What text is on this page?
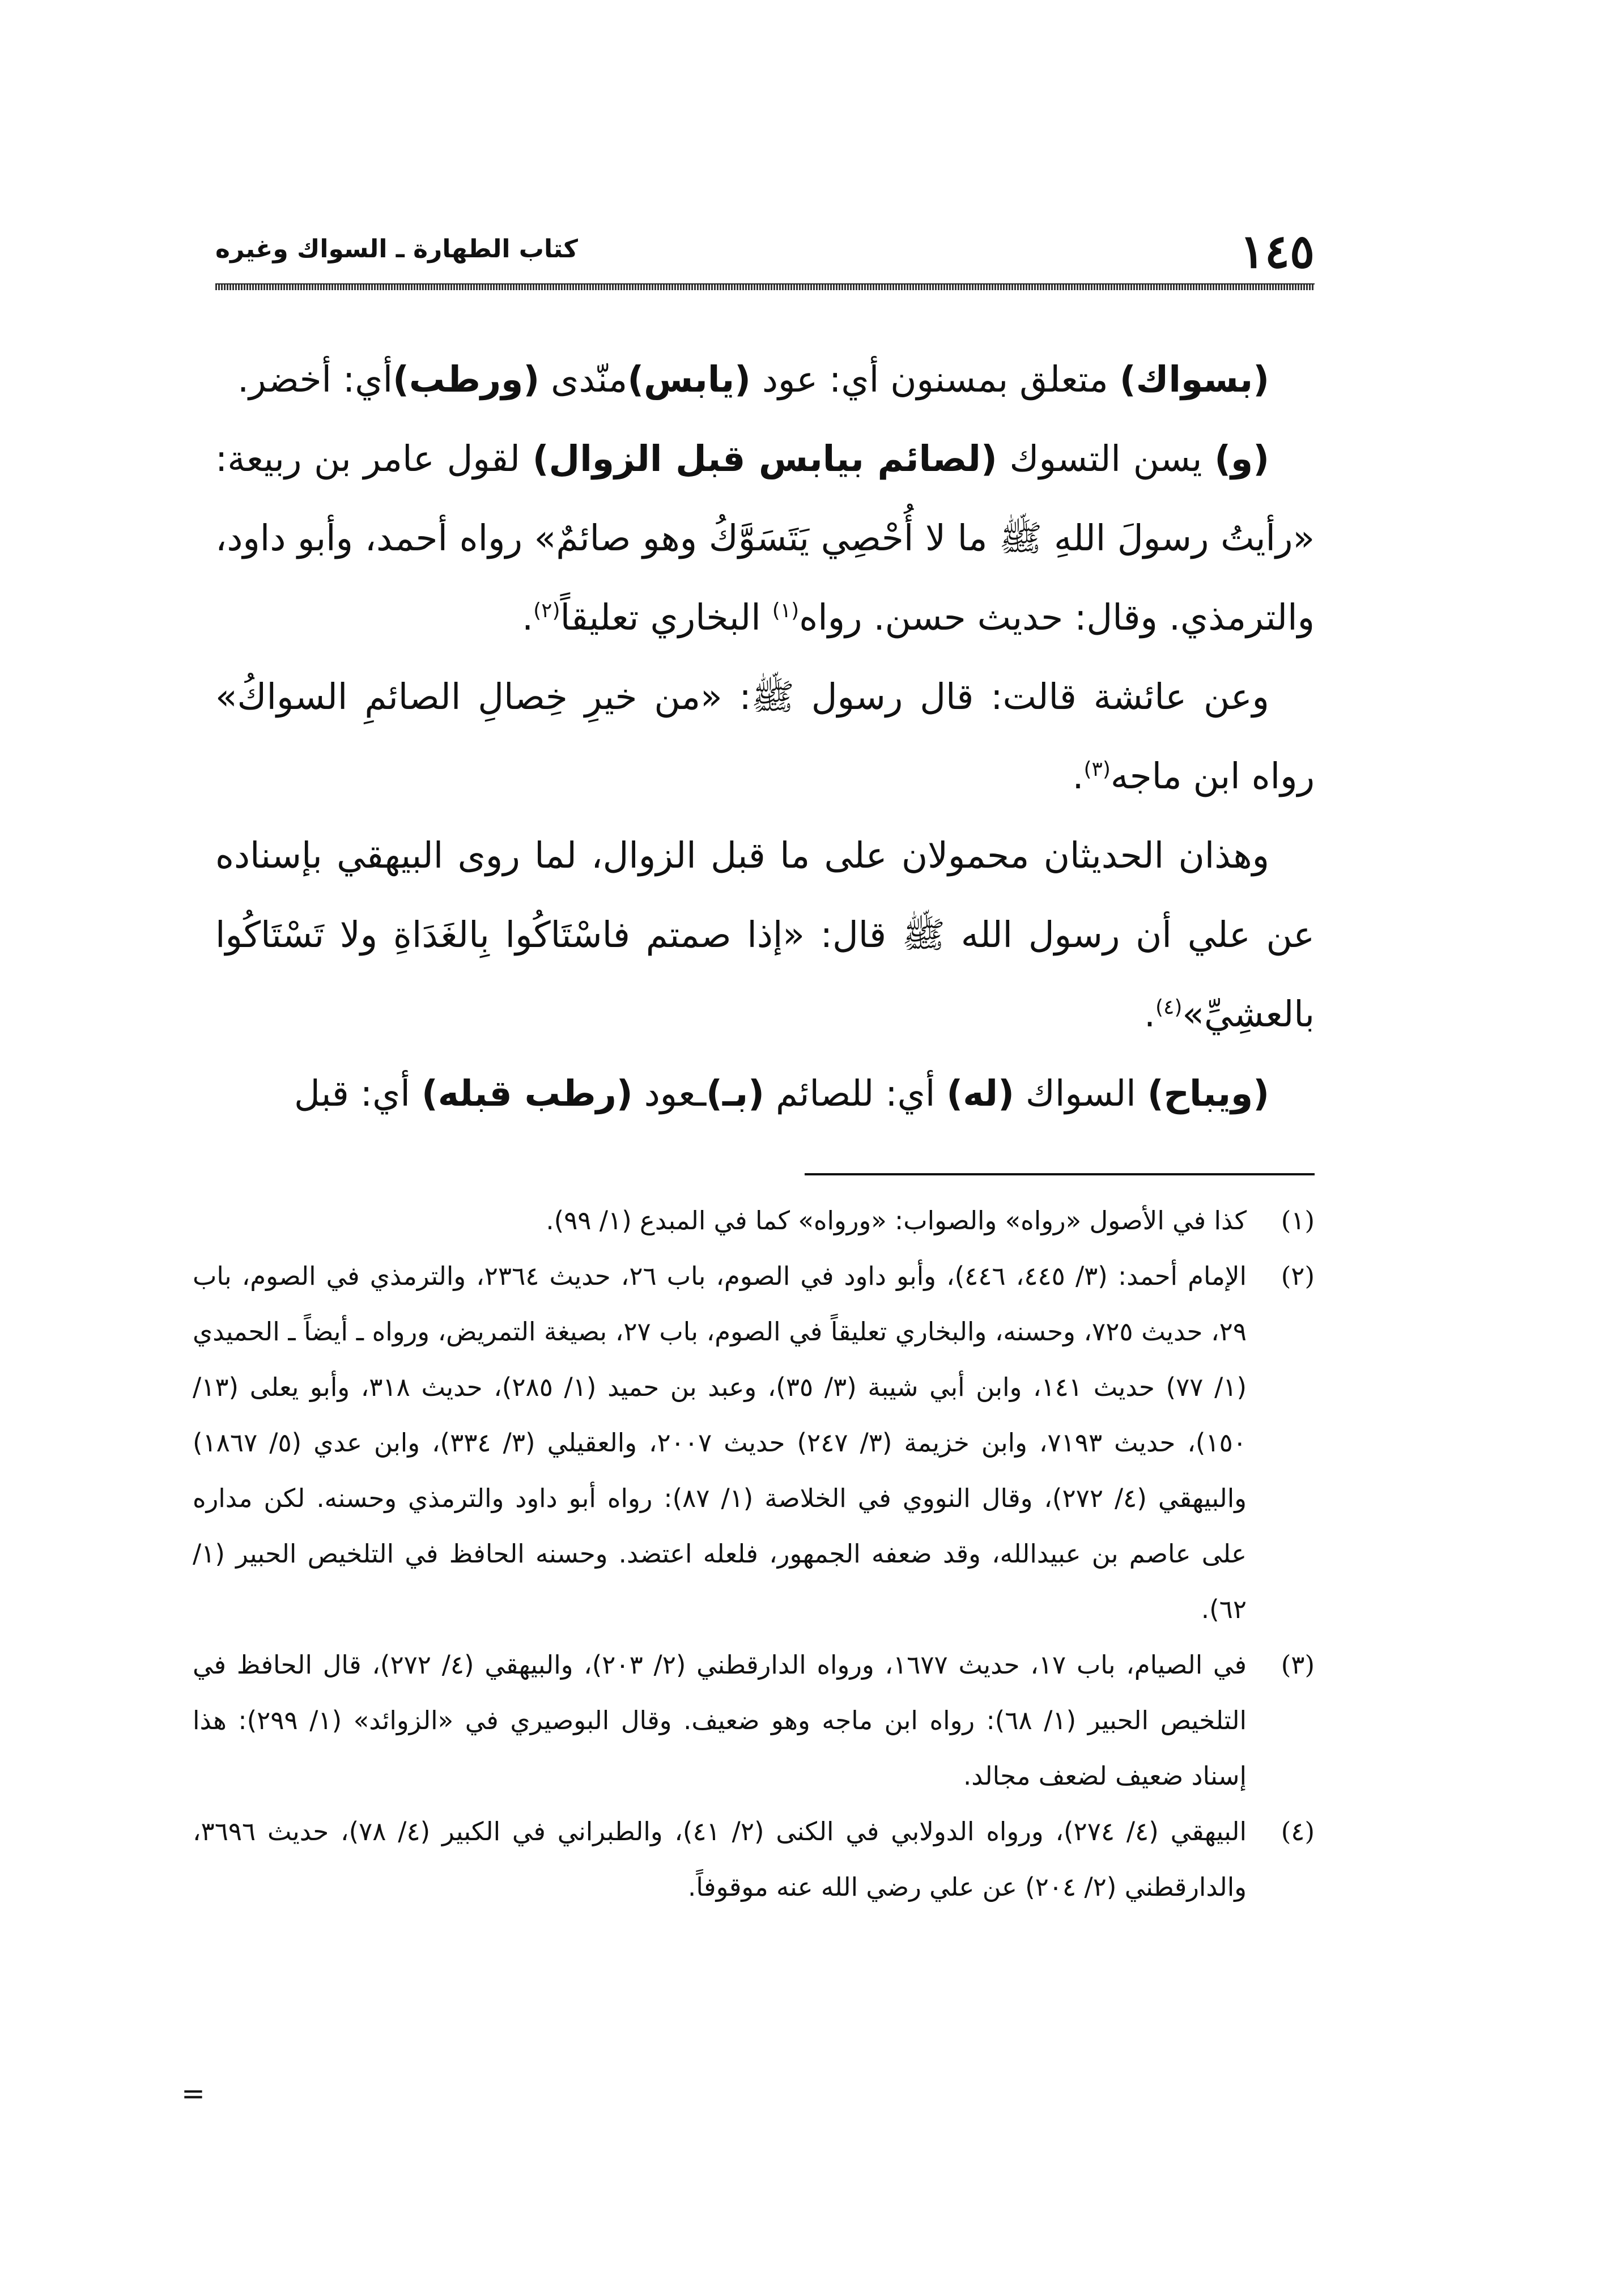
١٤٥
كتاب الطهارة ـ السواك وغيره

(بسواك) متعلق بمسنون أي: عود (يابس)منّدى (ورطب)أي: أخضر.

(و) يسن التسوك (لصائم بيابس قبل الزوال) لقول عامر بن ربيعة: «رأيتُ رسولَ اللهِ ﷺ ما لا أُحْصِي يَتَسَوَّكُ وهو صائمٌ» رواه أحمد، وأبو داود، والترمذي. وقال: حديث حسن. رواه$^{(١)}$ البخاري تعليقاً$^{(٢)}$.

وعن عائشة قالت: قال رسول ﷺ: «من خيرِ خِصالِ الصائمِ السواكُ» رواه ابن ماجه$^{(٣)}$.

وهذان الحديثان محمولان على ما قبل الزوال، لما روى البيهقي بإسناده عن علي أن رسول الله ﷺ قال: «إذا صمتم فاسْتَاكُوا بِالغَدَاةِ ولا تَسْتَاكُوا بالعشِيِّ»$^{(٤)}$.

(ويباح) السواك (له) أي: للصائم (بـ)ـعود (رطب قبله) أي: قبل

(١)
كذا في الأصول «رواه» والصواب: «ورواه» كما في المبدع (١/ ٩٩).
(٢)
الإمام أحمد: (٣/ ٤٤٥، ٤٤٦)، وأبو داود في الصوم، باب ٢٦، حديث ٢٣٦٤، والترمذي في الصوم، باب ٢٩، حديث ٧٢٥، وحسنه، والبخاري تعليقاً في الصوم، باب ٢٧، بصيغة التمريض، ورواه ـ أيضاً ـ الحميدي (١/ ٧٧) حديث ١٤١، وابن أبي شيبة (٣/ ٣٥)، وعبد بن حميد (١/ ٢٨٥)، حديث ٣١٨، وأبو يعلى (١٣/ ١٥٠)، حديث ٧١٩٣، وابن خزيمة (٣/ ٢٤٧) حديث ٢٠٠٧، والعقيلي (٣/ ٣٣٤)، وابن عدي (٥/ ١٨٦٧) والبيهقي (٤/ ٢٧٢)، وقال النووي في الخلاصة (١/ ٨٧): رواه أبو داود والترمذي وحسنه. لكن مداره على عاصم بن عبيدالله، وقد ضعفه الجمهور، فلعله اعتضد. وحسنه الحافظ في التلخيص الحبير (١/ ٦٢).
(٣)
في الصيام، باب ١٧، حديث ١٦٧٧، ورواه الدارقطني (٢/ ٢٠٣)، والبيهقي (٤/ ٢٧٢)، قال الحافظ في التلخيص الحبير (١/ ٦٨): رواه ابن ماجه وهو ضعيف. وقال البوصيري في «الزوائد» (١/ ٢٩٩): هذا إسناد ضعيف لضعف مجالد.
(٤)
البيهقي (٤/ ٢٧٤)، ورواه الدولابي في الكنى (٢/ ٤١)، والطبراني في الكبير (٤/ ٧٨)، حديث ٣٦٩٦، والدارقطني (٢/ ٢٠٤) عن علي رضي الله عنه موقوفاً.
=
